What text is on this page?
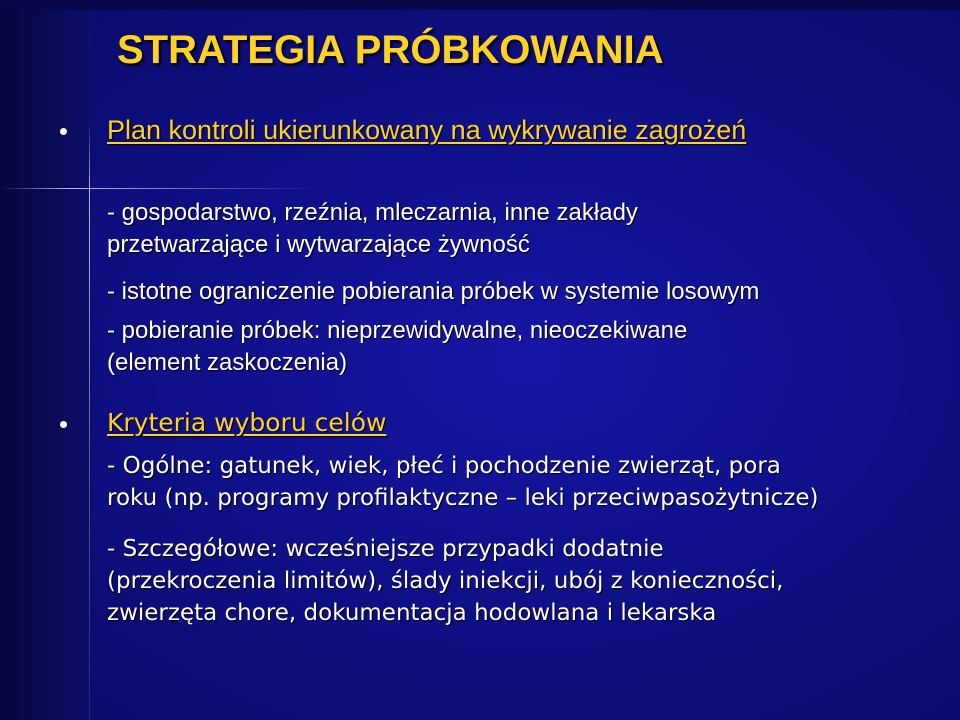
STRATEGIA PRÓBKOWANIA
Plan kontroli ukierunkowany na wykrywanie zagrożeń
- gospodarstwo, rzeźnia, mleczarnia, inne zakłady
przetwarzające i wytwarzające żywność
- istotne ograniczenie pobierania próbek w systemie losowym
- pobieranie próbek: nieprzewidywalne, nieoczekiwane
(element zaskoczenia)
Kryteria wyboru celów
- Ogólne: gatunek, wiek, płeć i pochodzenie zwierząt, pora
roku (np. programy profilaktyczne – leki przeciwpasożytnicze)
- Szczegółowe: wcześniejsze przypadki dodatnie
(przekroczenia limitów), ślady iniekcji, ubój z konieczności,
zwierzęta chore, dokumentacja hodowlana i lekarska
